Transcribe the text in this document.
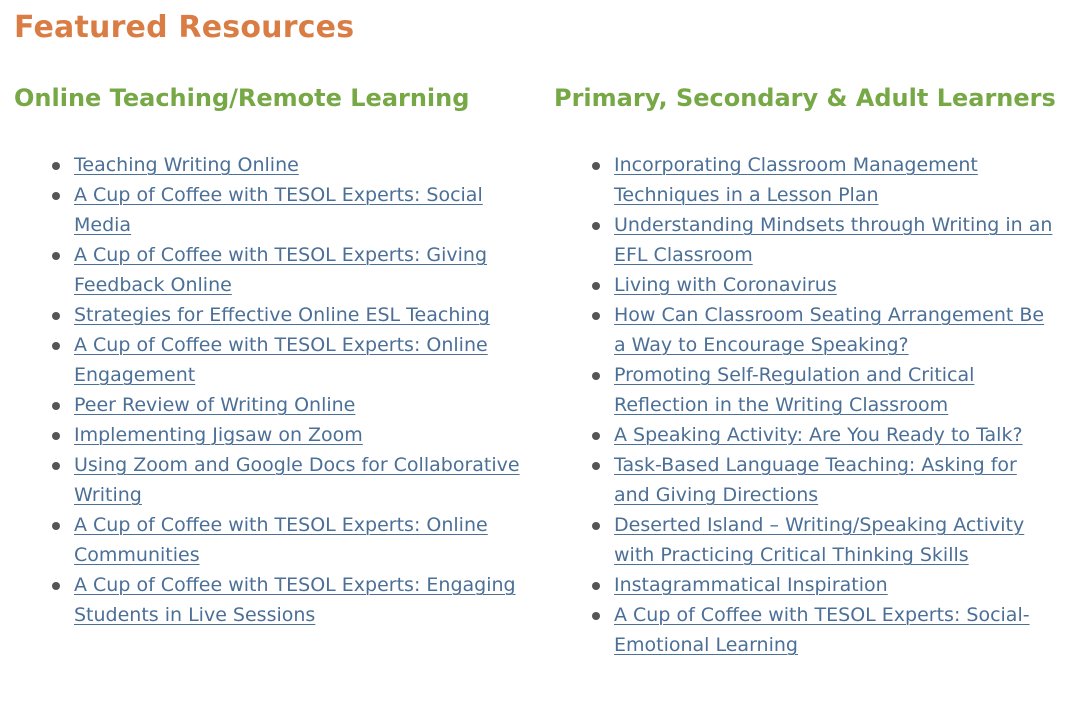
Featured Resources
Online Teaching/Remote Learning
Teaching Writing Online
A Cup of Coffee with TESOL Experts: Social Media
A Cup of Coffee with TESOL Experts: Giving Feedback Online
Strategies for Effective Online ESL Teaching
A Cup of Coffee with TESOL Experts: Online Engagement
Peer Review of Writing Online
Implementing Jigsaw on Zoom
Using Zoom and Google Docs for Collaborative Writing
A Cup of Coffee with TESOL Experts: Online Communities
A Cup of Coffee with TESOL Experts: Engaging Students in Live Sessions
Primary, Secondary & Adult Learners
Incorporating Classroom Management Techniques in a Lesson Plan
Understanding Mindsets through Writing in an EFL Classroom
Living with Coronavirus
How Can Classroom Seating Arrangement Be a Way to Encourage Speaking?
Promoting Self-Regulation and Critical Reflection in the Writing Classroom
A Speaking Activity: Are You Ready to Talk?
Task-Based Language Teaching: Asking for and Giving Directions
Deserted Island – Writing/Speaking Activity with Practicing Critical Thinking Skills
Instagrammatical Inspiration
A Cup of Coffee with TESOL Experts: Social-Emotional Learning
